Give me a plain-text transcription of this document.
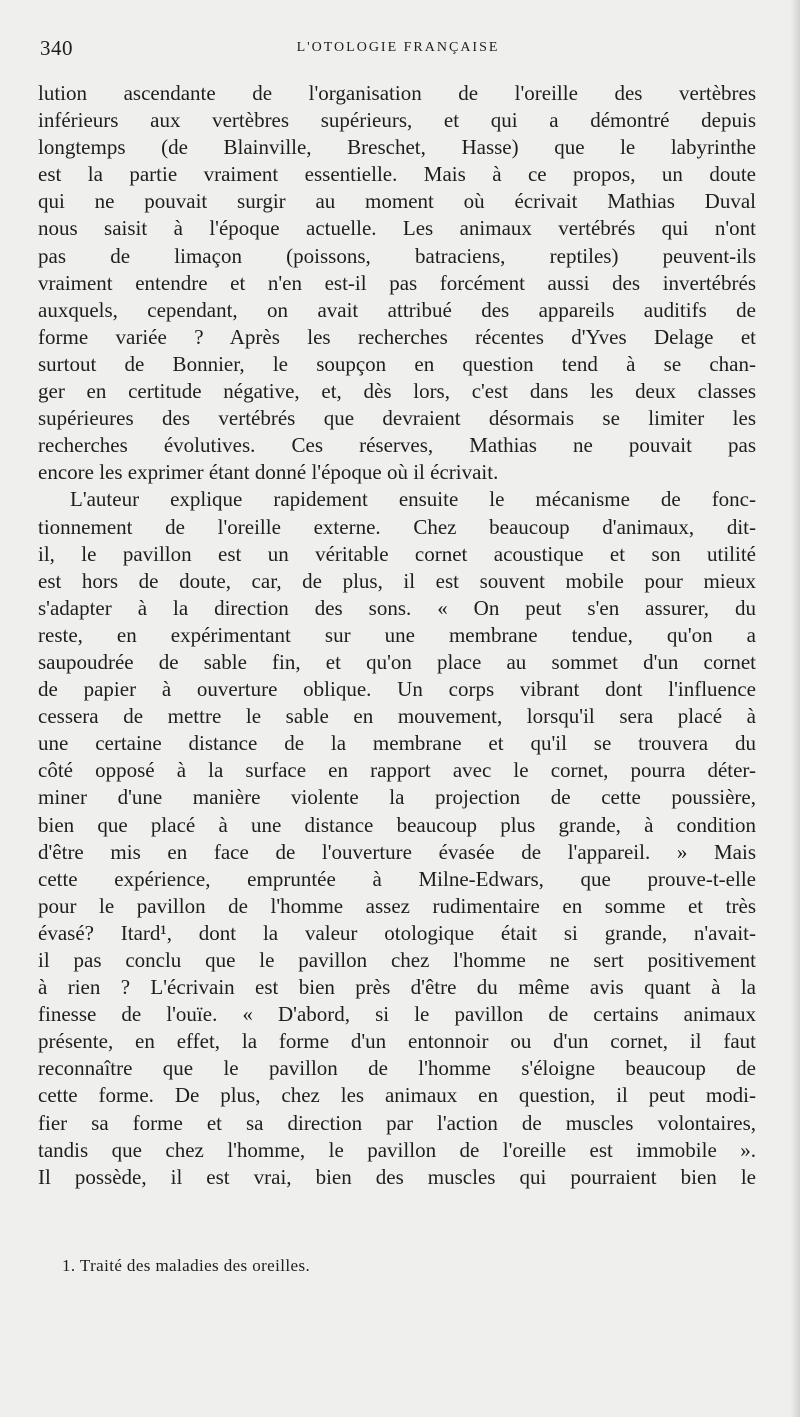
340	L'OTOLOGIE FRANÇAISE
lution ascendante de l'organisation de l'oreille des vertèbres
inférieurs aux vertèbres supérieurs, et qui a démontré depuis
longtemps (de Blainville, Breschet, Hasse) que le labyrinthe
est la partie vraiment essentielle. Mais à ce propos, un doute
qui ne pouvait surgir au moment où écrivait Mathias Duval
nous saisit à l'époque actuelle. Les animaux vertébrés qui n'ont
pas de limaçon (poissons, batraciens, reptiles) peuvent-ils
vraiment entendre et n'en est-il pas forcément aussi des invertébrés
auxquels, cependant, on avait attribué des appareils auditifs de
forme variée ? Après les recherches récentes d'Yves Delage et
surtout de Bonnier, le soupçon en question tend à se chan-
ger en certitude négative, et, dès lors, c'est dans les deux classes
supérieures des vertébrés que devraient désormais se limiter les
recherches évolutives. Ces réserves, Mathias ne pouvait pas
encore les exprimer étant donné l'époque où il écrivait.
L'auteur explique rapidement ensuite le mécanisme de fonc-
tionnement de l'oreille externe. Chez beaucoup d'animaux, dit-
il, le pavillon est un véritable cornet acoustique et son utilité
est hors de doute, car, de plus, il est souvent mobile pour mieux
s'adapter à la direction des sons. « On peut s'en assurer, du
reste, en expérimentant sur une membrane tendue, qu'on a
saupoudrée de sable fin, et qu'on place au sommet d'un cornet
de papier à ouverture oblique. Un corps vibrant dont l'influence
cessera de mettre le sable en mouvement, lorsqu'il sera placé à
une certaine distance de la membrane et qu'il se trouvera du
côté opposé à la surface en rapport avec le cornet, pourra déter-
miner d'une manière violente la projection de cette poussière,
bien que placé à une distance beaucoup plus grande, à condition
d'être mis en face de l'ouverture évasée de l'appareil. » Mais
cette expérience, empruntée à Milne-Edwars, que prouve-t-elle
pour le pavillon de l'homme assez rudimentaire en somme et très
évasé? Itard¹, dont la valeur otologique était si grande, n'avait-
il pas conclu que le pavillon chez l'homme ne sert positivement
à rien ? L'écrivain est bien près d'être du même avis quant à la
finesse de l'ouïe. « D'abord, si le pavillon de certains animaux
présente, en effet, la forme d'un entonnoir ou d'un cornet, il faut
reconnaître que le pavillon de l'homme s'éloigne beaucoup de
cette forme. De plus, chez les animaux en question, il peut modi-
fier sa forme et sa direction par l'action de muscles volontaires,
tandis que chez l'homme, le pavillon de l'oreille est immobile ».
Il possède, il est vrai, bien des muscles qui pourraient bien le
1. Traité des maladies des oreilles.
